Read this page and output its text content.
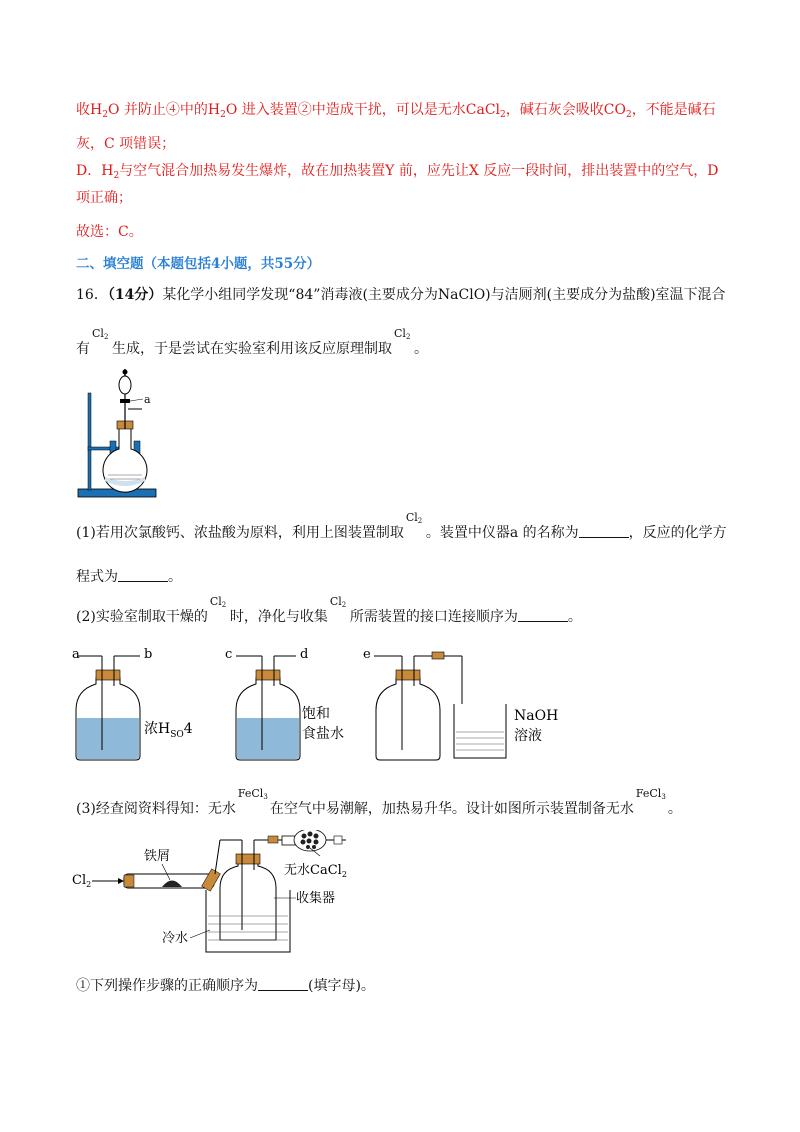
收$H_2O$ 并防止④中的$H_2O$ 进入装置②中造成干扰，可以是无水CaCl$_2$，碱石灰会吸收$CO_2$，不能是碱石
灰，C 项错误；
D．$H_2$与空气混合加热易发生爆炸，故在加热装置Y 前，应先让X 反应一段时间，排出装置中的空气，D
项正确；
故选：C。
二、填空题（本题包括4小题，共55分）
16．（14分）某化学小组同学发现“84”消毒液(主要成分为NaClO)与洁厕剂(主要成分为盐酸)室温下混合
有
Cl2
生成，于是尝试在实验室利用该反应原理制取
Cl2
。
a
(1)若用次氯酸钙、浓盐酸为原料，利用上图装置制取
Cl2
。装置中仪器a 的名称为	，反应的化学方
程式为	。
(2)实验室制取干燥的
Cl2
时，净化与收集
Cl2
所需装置的接口连接顺序为	。
a	b
浓$H_{SO}4$
c	d
饱和
食盐水
e
NaOH
溶液
(3)经查阅资料得知：无水
FeCl3
在空气中易潮解，加热易升华。设计如图所示装置制备无水
FeCl3
。
$Cl_2$
铁屑
无水CaCl$_2$
收集器
冷水
①下列操作步骤的正确顺序为	(填字母)。
